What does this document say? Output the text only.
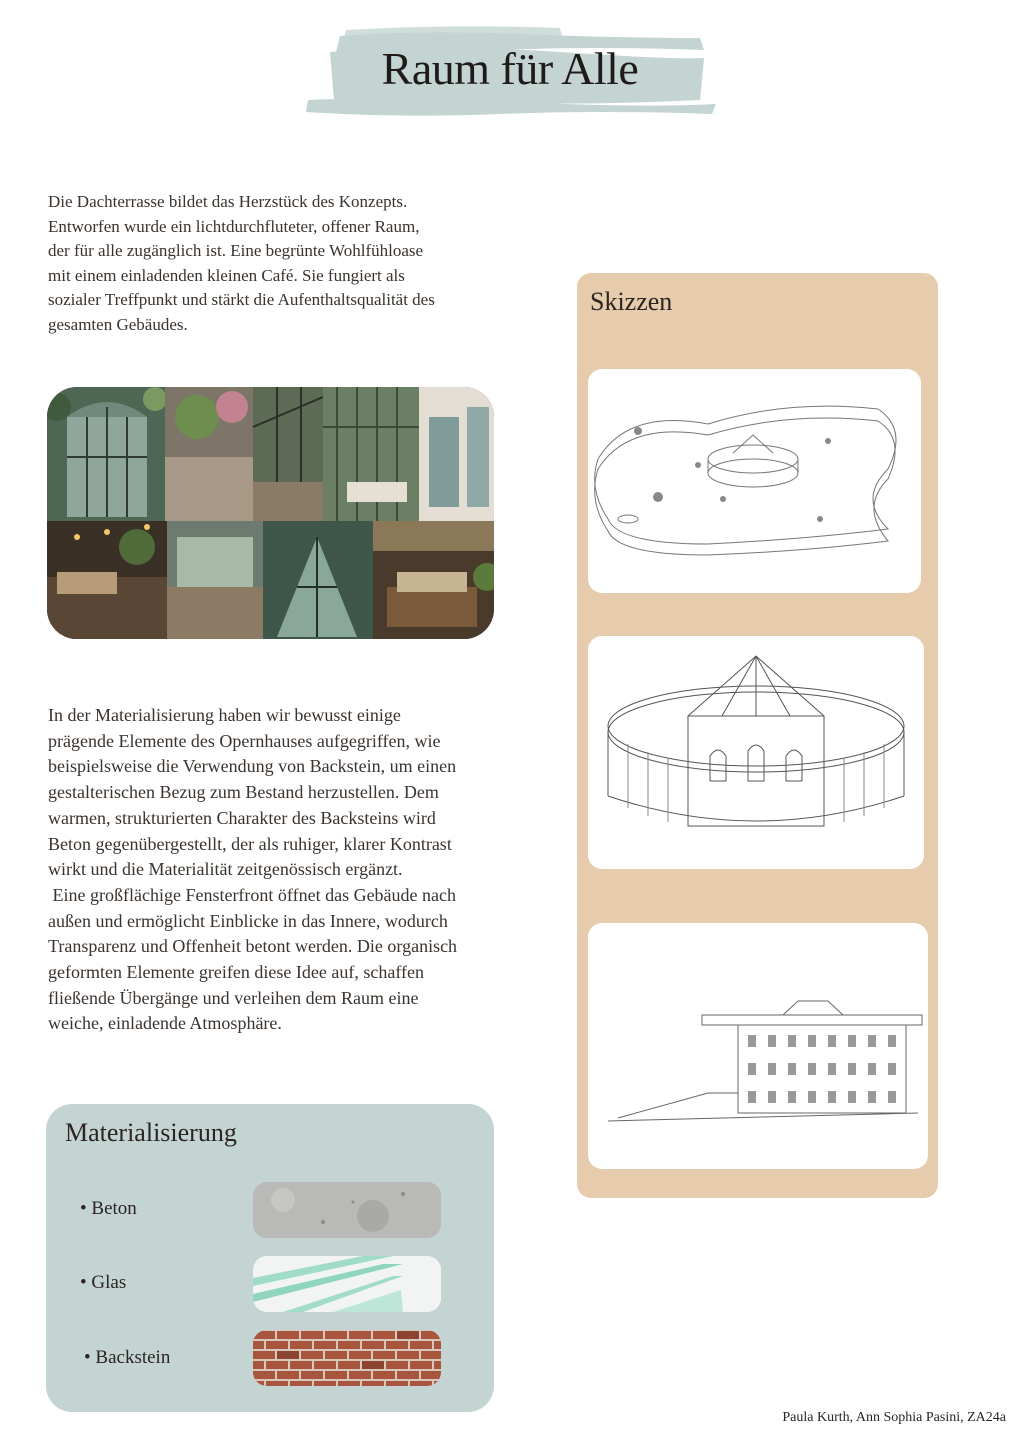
Raum für Alle
Die Dachterrasse bildet das Herzstück des Konzepts.
Entworfen wurde ein lichtdurchfluteter, offener Raum,
der für alle zugänglich ist. Eine begrünte Wohlfühloase
mit einem einladenden kleinen Café. Sie fungiert als
sozialer Treffpunkt und stärkt die Aufenthaltsqualität des
gesamten Gebäudes.

In der Materialisierung haben wir bewusst einige

prägende Elemente des Opernhauses aufgegriffen, wie

beispielsweise die Verwendung von Backstein, um einen

gestalterischen Bezug zum Bestand herzustellen. Dem

warmen, strukturierten Charakter des Backsteins wird

Beton gegenübergestellt, der als ruhiger, klarer Kontrast

wirkt und die Materialität zeitgenössisch ergänzt.

Eine großflächige Fensterfront öffnet das Gebäude nach

außen und ermöglicht Einblicke in das Innere, wodurch

Transparenz und Offenheit betont werden. Die organisch

geformten Elemente greifen diese Idee auf, schaffen

fließende Übergänge und verleihen dem Raum eine

weiche, einladende Atmosphäre.

Skizzen
Materialisierung
• Beton
• Glas
• Backstein
Paula Kurth, Ann Sophia Pasini, ZA24a
